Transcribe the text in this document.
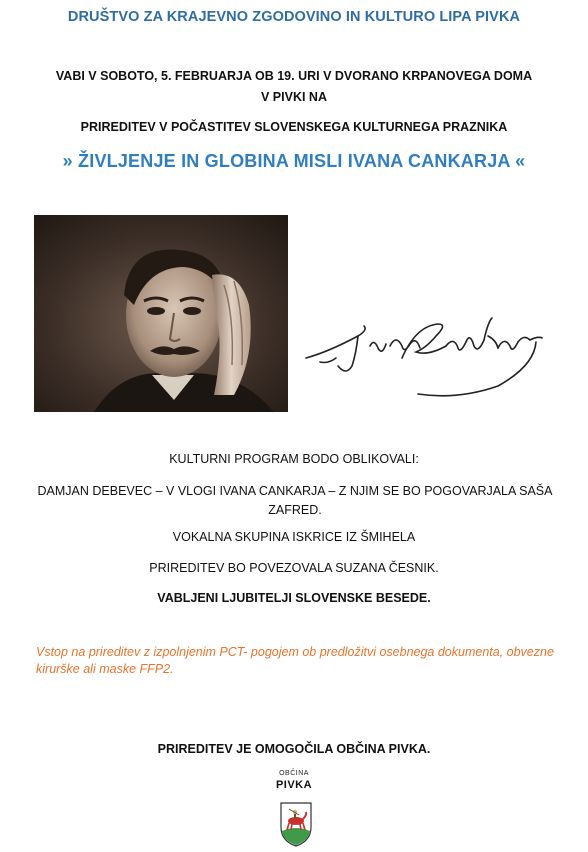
DRUŠTVO ZA KRAJEVNO ZGODOVINO IN KULTURO LIPA PIVKA
VABI V SOBOTO, 5. FEBRUARJA OB 19. URI V DVORANO KRPANOVEGA DOMA
V PIVKI NA
PRIREDITEV V POČASTITEV SLOVENSKEGA KULTURNEGA PRAZNIKA
» ŽIVLJENJE IN GLOBINA MISLI IVANA CANKARJA «
KULTURNI PROGRAM BODO OBLIKOVALI:
DAMJAN DEBEVEC – V VLOGI IVANA CANKARJA – Z NJIM SE BO POGOVARJALA SAŠA ZAFRED.
VOKALNA SKUPINA ISKRICE IZ ŠMIHELA
PRIREDITEV BO POVEZOVALA SUZANA ČESNIK.
VABLJENI LJUBITELJI SLOVENSKE BESEDE.
Vstop na prireditev z izpolnjenim PCT- pogojem ob predložitvi osebnega dokumenta, obvezne kirurške ali maske FFP2.
PRIREDITEV JE OMOGOČILA OBČINA PIVKA.
OBČINA
PIVKA
